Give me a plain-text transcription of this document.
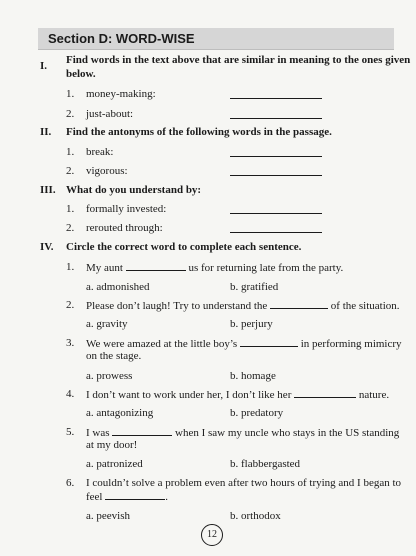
Section D: WORD-WISE
I. Find words in the text above that are similar in meaning to the ones given
below.
1. money-making:
2. just-about:
II. Find the antonyms of the following words in the passage.
1. break:
2. vigorous:
III. What do you understand by:
1. formally invested:
2. rerouted through:
IV. Circle the correct word to complete each sentence.
1. My aunt	us for returning late from the party.
a. admonished	b. gratified
2. Please don’t laugh! Try to understand the	of the situation.
a. gravity	b. perjury
3. We were amazed at the little boy’s	in performing mimicry
on the stage.
a. prowess	b. homage
4. I don’t want to work under her, I don’t like her	nature.
a. antagonizing	b. predatory
5. I was	when I saw my uncle who stays in the US standing
at my door!
a. patronized	b. flabbergasted
6. I couldn’t solve a problem even after two hours of trying and I began to
feel	.
a. peevish	b. orthodox
12
